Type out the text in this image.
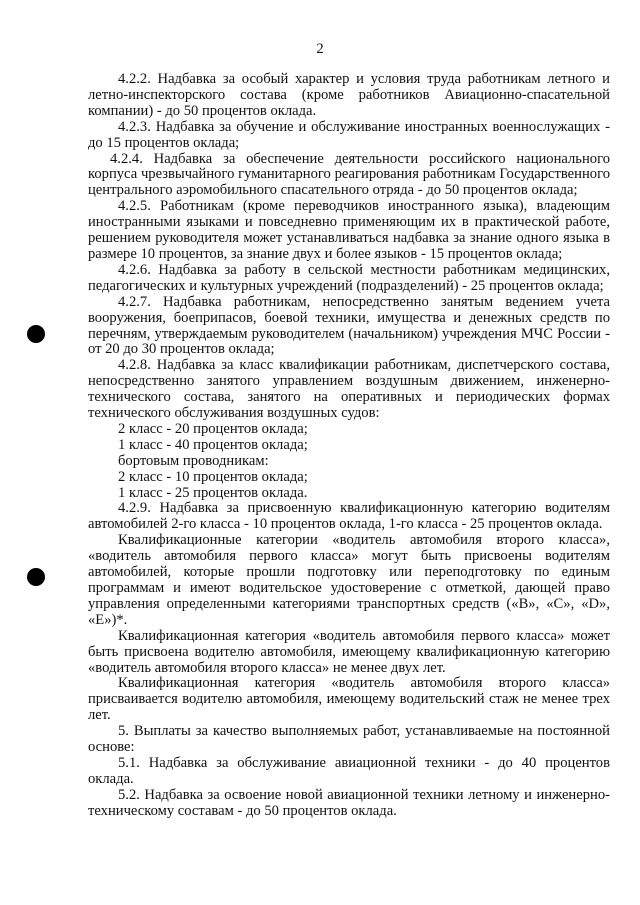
2

4.2.2. Надбавка за особый характер и условия труда работникам летного и летно-инспекторского состава (кроме работников Авиационно-спасательной компании) - до 50 процентов оклада.

4.2.3. Надбавка за обучение и обслуживание иностранных военнослужащих - до 15 процентов оклада;

4.2.4. Надбавка за обеспечение деятельности российского национального корпуса чрезвычайного гуманитарного реагирования работникам Государственного центрального аэромобильного спасательного отряда - до 50 процентов оклада;

4.2.5. Работникам (кроме переводчиков иностранного языка), владеющим иностранными языками и повседневно применяющим их в практической работе, решением руководителя может устанавливаться надбавка за знание одного языка в размере 10 процентов, за знание двух и более языков - 15 процентов оклада;

4.2.6. Надбавка за работу в сельской местности работникам медицинских, педагогических и культурных учреждений (подразделений) - 25 процентов оклада;

4.2.7. Надбавка работникам, непосредственно занятым ведением учета вооружения, боеприпасов, боевой техники, имущества и денежных средств по перечням, утверждаемым руководителем (начальником) учреждения МЧС России - от 20 до 30 процентов оклада;

4.2.8. Надбавка за класс квалификации работникам, диспетчерского состава, непосредственно занятого управлением воздушным движением, инженерно-технического состава, занятого на оперативных и периодических формах технического обслуживания воздушных судов:

2 класс - 20 процентов оклада;

1 класс - 40 процентов оклада;

бортовым проводникам:

2 класс - 10 процентов оклада;

1 класс - 25 процентов оклада.

4.2.9. Надбавка за присвоенную квалификационную категорию водителям автомобилей 2-го класса - 10 процентов оклада, 1-го класса - 25 процентов оклада.

Квалификационные категории «водитель автомобиля второго класса», «водитель автомобиля первого класса» могут быть присвоены водителям автомобилей, которые прошли подготовку или переподготовку по единым программам и имеют водительское удостоверение с отметкой, дающей право управления определенными категориями транспортных средств («В», «С», «D», «Е»)*.

Квалификационная категория «водитель автомобиля первого класса» может быть присвоена водителю автомобиля, имеющему квалификационную категорию «водитель автомобиля второго класса» не менее двух лет.

Квалификационная категория «водитель автомобиля второго класса» присваивается водителю автомобиля, имеющему водительский стаж не менее трех лет.

5. Выплаты за качество выполняемых работ, устанавливаемые на постоянной основе:

5.1. Надбавка за обслуживание авиационной техники - до 40 процентов оклада.

5.2. Надбавка за освоение новой авиационной техники летному и инженерно-техническому составам - до 50 процентов оклада.
